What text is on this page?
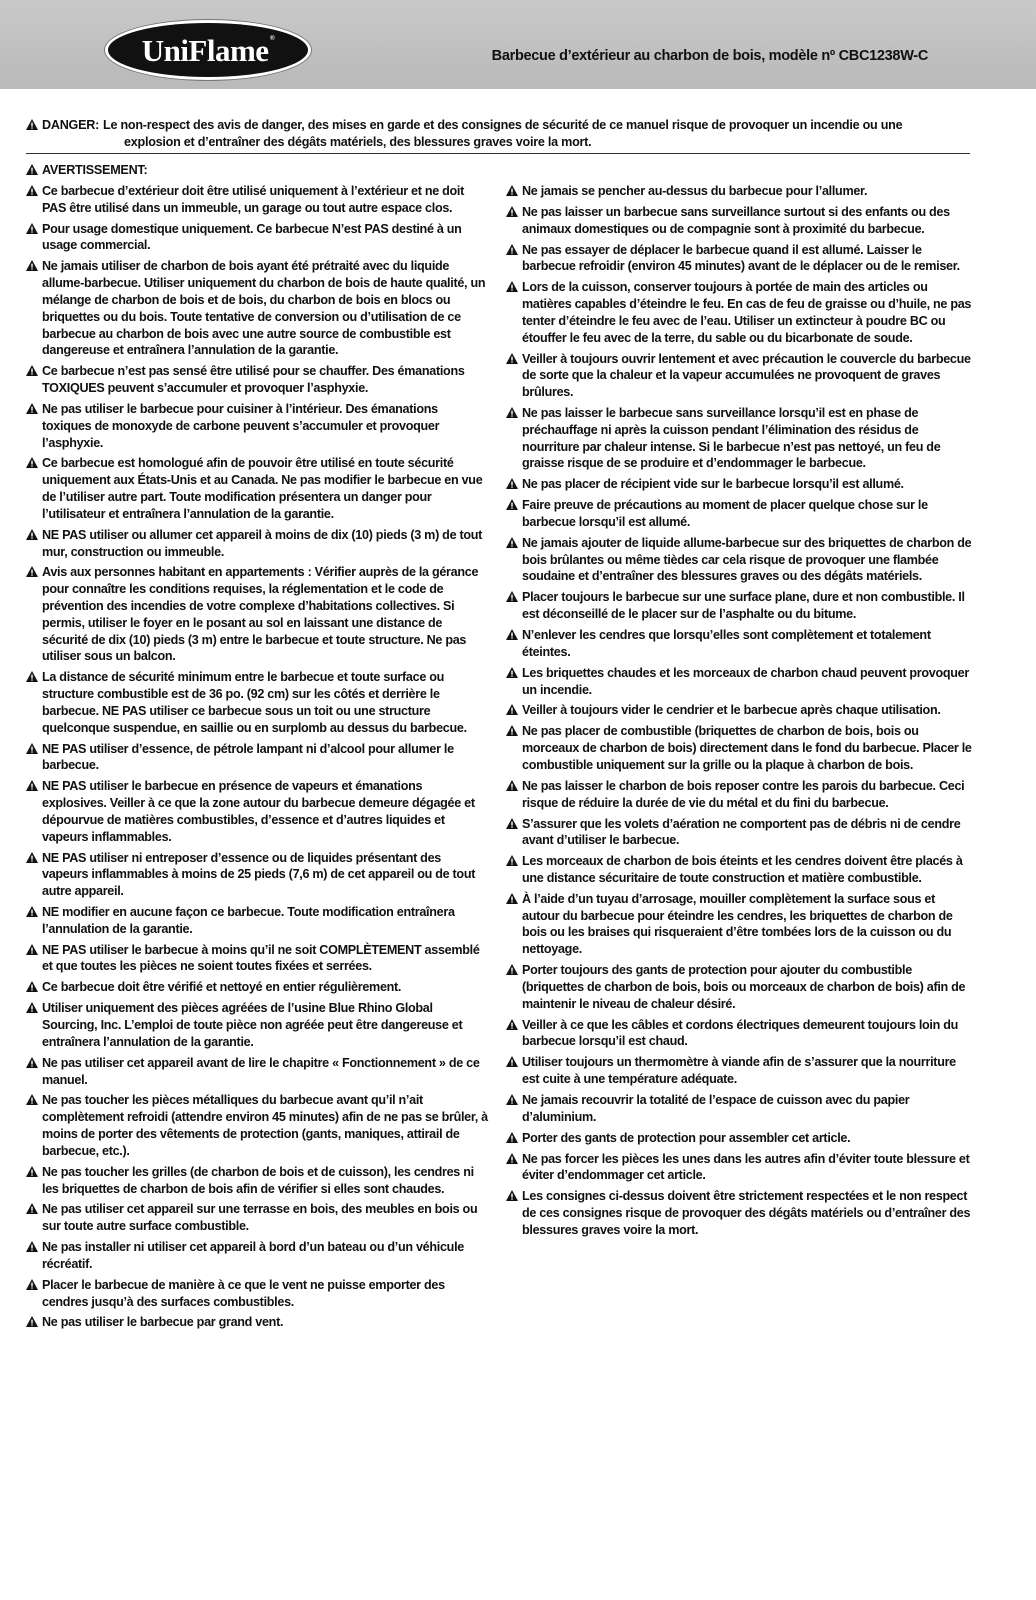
UniFlame®
Barbecue d’extérieur au charbon de bois, modèle nº CBC1238W-C
DANGER: Le non-respect des avis de danger, des mises en garde et des consignes de sécurité de ce manuel risque de provoquer un incendie ou une
explosion et d’entraîner des dégâts matériels, des blessures graves voire la mort.
AVERTISSEMENT:
Ce barbecue d’extérieur doit être utilisé uniquement à l’extérieur et ne doit PAS être utilisé dans un immeuble, un garage ou tout autre espace clos.
Pour usage domestique uniquement. Ce barbecue N’est PAS destiné à un usage commercial.
Ne jamais utiliser de charbon de bois ayant été prétraité avec du liquide allume-barbecue. Utiliser uniquement du charbon de bois de haute qualité, un mélange de charbon de bois et de bois, du charbon de bois en blocs ou briquettes ou du bois. Toute tentative de conversion ou d’utilisation de ce barbecue au charbon de bois avec une autre source de combustible est dangereuse et entraînera l’annulation de la garantie.
Ce barbecue n’est pas sensé être utilisé pour se chauffer. Des émanations TOXIQUES peuvent s’accumuler et provoquer l’asphyxie.
Ne pas utiliser le barbecue pour cuisiner à l’intérieur. Des émanations toxiques de monoxyde de carbone peuvent s’accumuler et provoquer l’asphyxie.
Ce barbecue est homologué afin de pouvoir être utilisé en toute sécurité uniquement aux États-Unis et au Canada. Ne pas modifier le barbecue en vue de l’utiliser autre part. Toute modification présentera un danger pour l’utilisateur et entraînera l’annulation de la garantie.
NE PAS utiliser ou allumer cet appareil à moins de dix (10) pieds (3 m) de tout mur, construction ou immeuble.
Avis aux personnes habitant en appartements : Vérifier auprès de la gérance pour connaître les conditions requises, la réglementation et le code de prévention des incendies de votre complexe d’habitations collectives. Si permis, utiliser le foyer en le posant au sol en laissant une distance de sécurité de dix (10) pieds (3 m) entre le barbecue et toute structure. Ne pas utiliser sous un balcon.
La distance de sécurité minimum entre le barbecue et toute surface ou structure combustible est de 36 po. (92 cm) sur les côtés et derrière le barbecue. NE PAS utiliser ce barbecue sous un toit ou une structure quelconque suspendue, en saillie ou en surplomb au dessus du barbecue.
NE PAS utiliser d’essence, de pétrole lampant ni d’alcool pour allumer le barbecue.
NE PAS utiliser le barbecue en présence de vapeurs et émanations explosives. Veiller à ce que la zone autour du barbecue demeure dégagée et dépourvue de matières combustibles, d’essence et d’autres liquides et vapeurs inflammables.
NE PAS utiliser ni entreposer d’essence ou de liquides présentant des vapeurs inflammables à moins de 25 pieds (7,6 m) de cet appareil ou de tout autre appareil.
NE modifier en aucune façon ce barbecue. Toute modification entraînera l’annulation de la garantie.
NE PAS utiliser le barbecue à moins qu’il ne soit COMPLÈTEMENT assemblé et que toutes les pièces ne soient toutes fixées et serrées.
Ce barbecue doit être vérifié et nettoyé en entier régulièrement.
Utiliser uniquement des pièces agréées de l’usine Blue Rhino Global Sourcing, Inc. L’emploi de toute pièce non agréée peut être dangereuse et entraînera l’annulation de la garantie.
Ne pas utiliser cet appareil avant de lire le chapitre « Fonctionnement » de ce manuel.
Ne pas toucher les pièces métalliques du barbecue avant qu’il n’ait complètement refroidi (attendre environ 45 minutes) afin de ne pas se brûler, à moins de porter des vêtements de protection (gants, maniques, attirail de barbecue, etc.).
Ne pas toucher les grilles (de charbon de bois et de cuisson), les cendres ni les briquettes de charbon de bois afin de vérifier si elles sont chaudes.
Ne pas utiliser cet appareil sur une terrasse en bois, des meubles en bois ou sur toute autre surface combustible.
Ne pas installer ni utiliser cet appareil à bord d’un bateau ou d’un véhicule récréatif.
Placer le barbecue de manière à ce que le vent ne puisse emporter des cendres jusqu’à des surfaces combustibles.
Ne pas utiliser le barbecue par grand vent.
Ne jamais se pencher au-dessus du barbecue pour l’allumer.
Ne pas laisser un barbecue sans surveillance surtout si des enfants ou des animaux domestiques ou de compagnie sont à proximité du barbecue.
Ne pas essayer de déplacer le barbecue quand il est allumé. Laisser le barbecue refroidir (environ 45 minutes) avant de le déplacer ou de le remiser.
Lors de la cuisson, conserver toujours à portée de main des articles ou matières capables d’éteindre le feu. En cas de feu de graisse ou d’huile, ne pas tenter d’éteindre le feu avec de l’eau. Utiliser un extincteur à poudre BC ou étouffer le feu avec de la terre, du sable ou du bicarbonate de soude.
Veiller à toujours ouvrir lentement et avec précaution le couvercle du barbecue de sorte que la chaleur et la vapeur accumulées ne provoquent de graves brûlures.
Ne pas laisser le barbecue sans surveillance lorsqu’il est en phase de préchauffage ni après la cuisson pendant l’élimination des résidus de nourriture par chaleur intense. Si le barbecue n’est pas nettoyé, un feu de graisse risque de se produire et d’endommager le barbecue.
Ne pas placer de récipient vide sur le barbecue lorsqu’il est allumé.
Faire preuve de précautions au moment de placer quelque chose sur le barbecue lorsqu’il est allumé.
Ne jamais ajouter de liquide allume-barbecue sur des briquettes de charbon de bois brûlantes ou même tièdes car cela risque de provoquer une flambée soudaine et d’entraîner des blessures graves ou des dégâts matériels.
Placer toujours le barbecue sur une surface plane, dure et non combustible. Il est déconseillé de le placer sur de l’asphalte ou du bitume.
N’enlever les cendres que lorsqu’elles sont complètement et totalement éteintes.
Les briquettes chaudes et les morceaux de charbon chaud peuvent provoquer un incendie.
Veiller à toujours vider le cendrier et le barbecue après chaque utilisation.
Ne pas placer de combustible (briquettes de charbon de bois, bois ou morceaux de charbon de bois) directement dans le fond du barbecue. Placer le combustible uniquement sur la grille ou la plaque à charbon de bois.
Ne pas laisser le charbon de bois reposer contre les parois du barbecue. Ceci risque de réduire la durée de vie du métal et du fini du barbecue.
S’assurer que les volets d’aération ne comportent pas de débris ni de cendre avant d’utiliser le barbecue.
Les morceaux de charbon de bois éteints et les cendres doivent être placés à une distance sécuritaire de toute construction et matière combustible.
À l’aide d’un tuyau d’arrosage, mouiller complètement la surface sous et autour du barbecue pour éteindre les cendres, les briquettes de charbon de bois ou les braises qui risqueraient d’être tombées lors de la cuisson ou du nettoyage.
Porter toujours des gants de protection pour ajouter du combustible (briquettes de charbon de bois, bois ou morceaux de charbon de bois) afin de maintenir le niveau de chaleur désiré.
Veiller à ce que les câbles et cordons électriques demeurent toujours loin du barbecue lorsqu’il est chaud.
Utiliser toujours un thermomètre à viande afin de s’assurer que la nourriture est cuite à une température adéquate.
Ne jamais recouvrir la totalité de l’espace de cuisson avec du papier d’aluminium.
Porter des gants de protection pour assembler cet article.
Ne pas forcer les pièces les unes dans les autres afin d’éviter toute blessure et éviter d’endommager cet article.
Les consignes ci-dessus doivent être strictement respectées et le non respect de ces consignes risque de provoquer des dégâts matériels ou d’entraîner des blessures graves voire la mort.
